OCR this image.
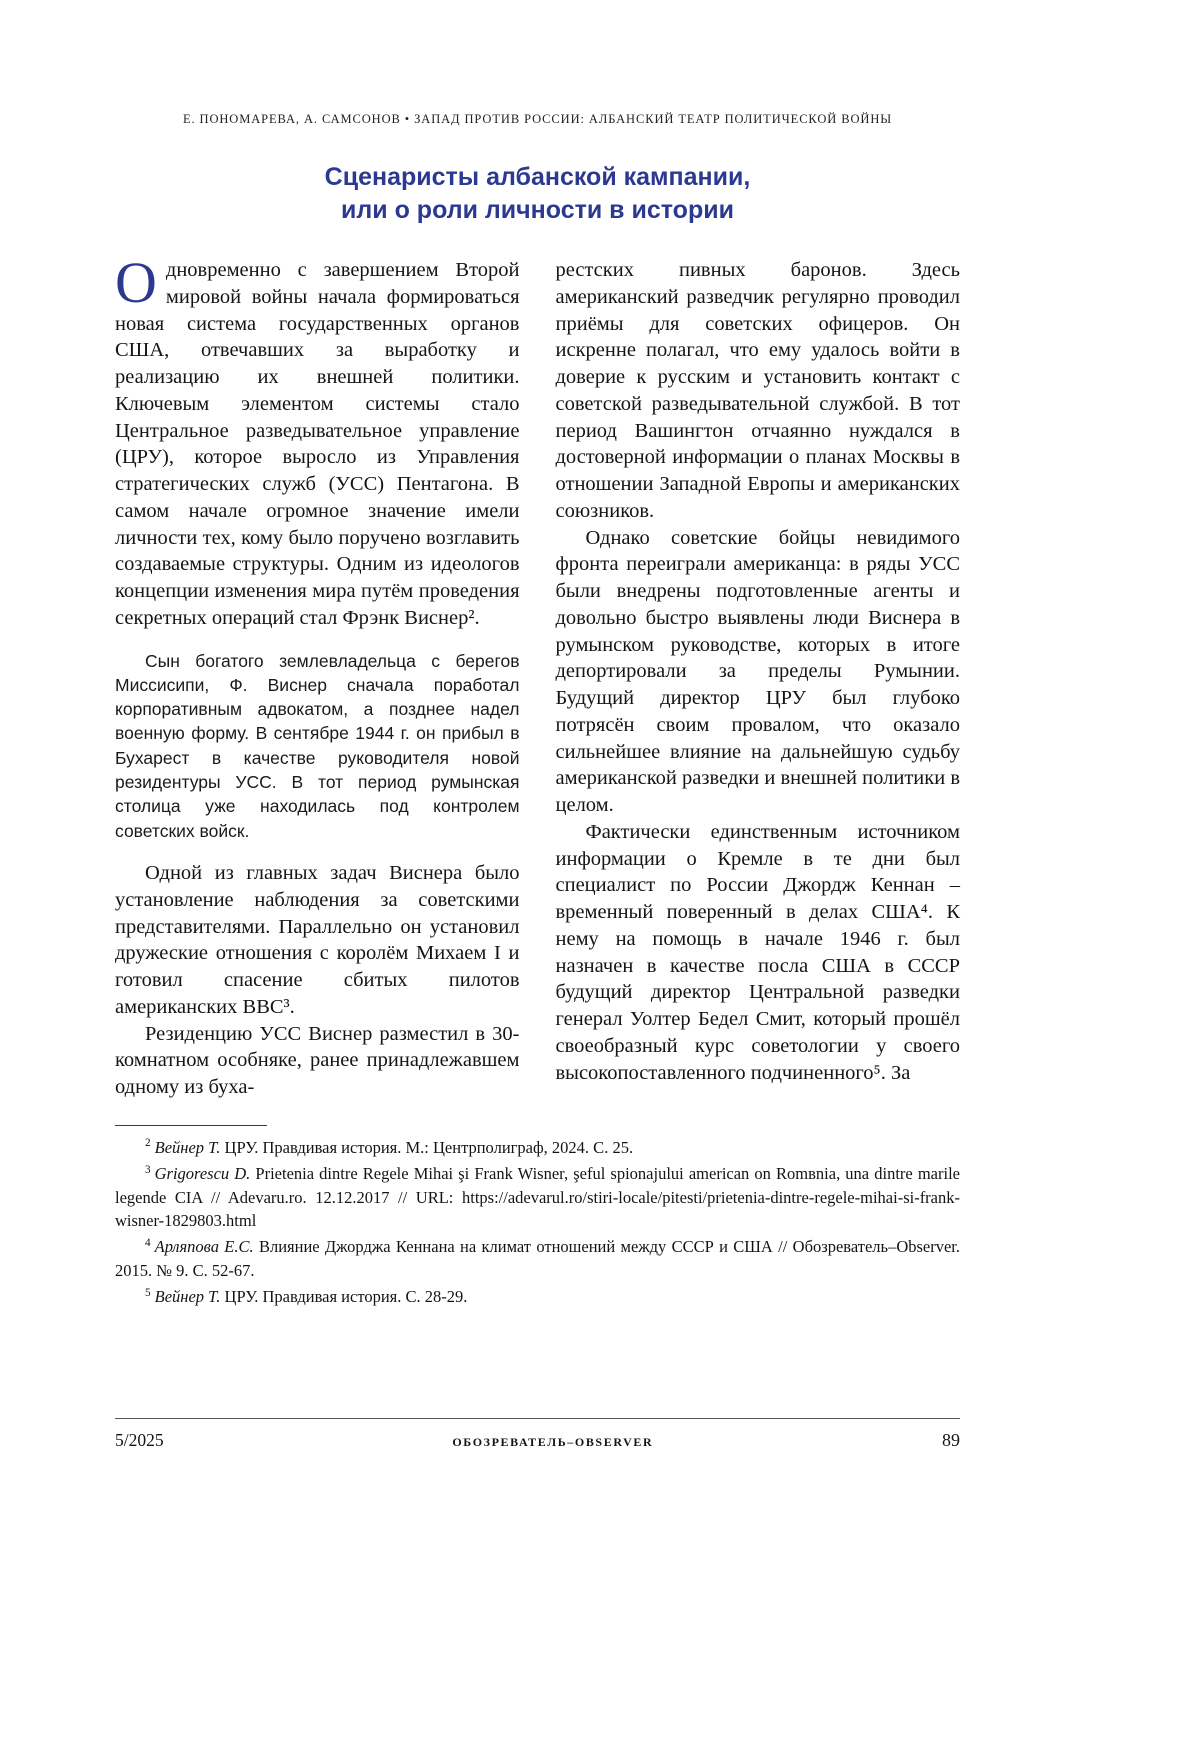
Е. ПОНОМАРЕВА, А. САМСОНОВ • ЗАПАД ПРОТИВ РОССИИ: АЛБАНСКИЙ ТЕАТР ПОЛИТИЧЕСКОЙ ВОЙНЫ
Сценаристы албанской кампании,
или о роли личности в истории

Одновременно с завершением Второй мировой войны начала формироваться новая система государственных органов США, отвечавших за выработку и реализацию их внешней политики. Ключевым элементом системы стало Центральное разведывательное управление (ЦРУ), которое выросло из Управления стратегических служб (УСС) Пентагона. В самом начале огромное значение имели личности тех, кому было поручено возглавить создаваемые структуры. Одним из идеологов концепции изменения мира путём проведения секретных операций стал Фрэнк Виснер².

Сын богатого землевладельца с берегов Миссисипи, Ф. Виснер сначала поработал корпоративным адвокатом, а позднее надел военную форму. В сентябре 1944 г. он прибыл в Бухарест в качестве руководителя новой резидентуры УСС. В тот период румынская столица уже находилась под контролем советских войск.

Одной из главных задач Виснера было установление наблюдения за советскими представителями. Параллельно он установил дружеские отношения с королём Михаем I и готовил спасение сбитых пилотов американских ВВС³.

Резиденцию УСС Виснер разместил в 30-комнатном особняке, ранее принадлежавшем одному из буха-

рестских пивных баронов. Здесь американский разведчик регулярно проводил приёмы для советских офицеров. Он искренне полагал, что ему удалось войти в доверие к русским и установить контакт с советской разведывательной службой. В тот период Вашингтон отчаянно нуждался в достоверной информации о планах Москвы в отношении Западной Европы и американских союзников.

Однако советские бойцы невидимого фронта переиграли американца: в ряды УСС были внедрены подготовленные агенты и довольно быстро выявлены люди Виснера в румынском руководстве, которых в итоге депортировали за пределы Румынии. Будущий директор ЦРУ был глубоко потрясён своим провалом, что оказало сильнейшее влияние на дальнейшую судьбу американской разведки и внешней политики в целом.

Фактически единственным источником информации о Кремле в те дни был специалист по России Джордж Кеннан – временный поверенный в делах США⁴. К нему на помощь в начале 1946 г. был назначен в качестве посла США в СССР будущий директор Центральной разведки генерал Уолтер Бедел Смит, который прошёл своеобразный курс советологии у своего высокопоставленного подчиненного⁵. За

$^2$ Вейнер Т. ЦРУ. Правдивая история. М.: Центрполиграф, 2024. С. 25.

$^3$ Grigorescu D. Prietenia dintre Regele Mihai şi Frank Wisner, şeful spionajului american on Romвnia, una dintre marile legende CIA // Adevaru.ro. 12.12.2017 // URL: https://adevarul.ro/stiri-locale/pitesti/prietenia-dintre-regele-mihai-si-frank-wisner-1829803.html

$^4$ Арляпова Е.С. Влияние Джорджа Кеннана на климат отношений между СССР и США // Обозреватель–Observer. 2015. № 9. С. 52-67.

$^5$ Вейнер Т. ЦРУ. Правдивая история. С. 28-29.

5/2025	ОБОЗРЕВАТЕЛЬ–OBSERVER	89
